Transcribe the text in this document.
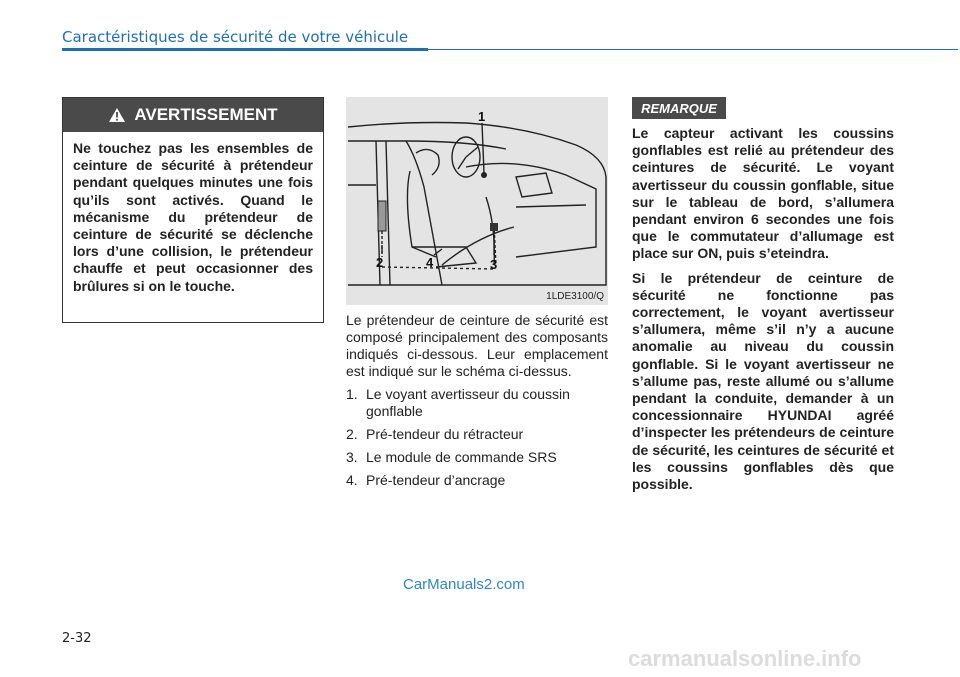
Caractéristiques de sécurité de votre véhicule
AVERTISSEMENT
Ne touchez pas les ensembles de ceinture de sécurité à prétendeur pendant quelques minutes une fois qu’ils sont activés. Quand le mécanisme du prétendeur de ceinture de sécurité se déclenche lors d’une collision, le prétendeur chauffe et peut occasionner des brûlures si on le touche.
1
2	4	3
1LDE3100/Q

Le prétendeur de ceinture de sécurité est composé principalement des composants indiqués ci-dessous. Leur emplacement est indiqué sur le schéma ci-dessus.

1. Le voyant avertisseur du coussin gonflable
2. Pré-tendeur du rétracteur
3. Le module de commande SRS
4. Pré-tendeur d’ancrage
REMARQUE

Le capteur activant les coussins gonflables est relié au prétendeur des ceintures de sécurité. Le voyant avertisseur du coussin gonflable, situe sur le tableau de bord, s’allumera pendant environ 6 secondes une fois que le commutateur d’allumage est place sur ON, puis s’eteindra.

Si le prétendeur de ceinture de sécurité ne fonctionne pas correctement, le voyant avertisseur s’allumera, même s’il n’y a aucune anomalie au niveau du coussin gonflable. Si le voyant avertisseur ne s’allume pas, reste allumé ou s’allume pendant la conduite, demander à un concessionnaire HYUNDAI agréé d’inspecter les prétendeurs de ceinture de sécurité, les ceintures de sécurité et les coussins gonflables dès que possible.

CarManuals2.com
2-32
carmanualsonline.info
